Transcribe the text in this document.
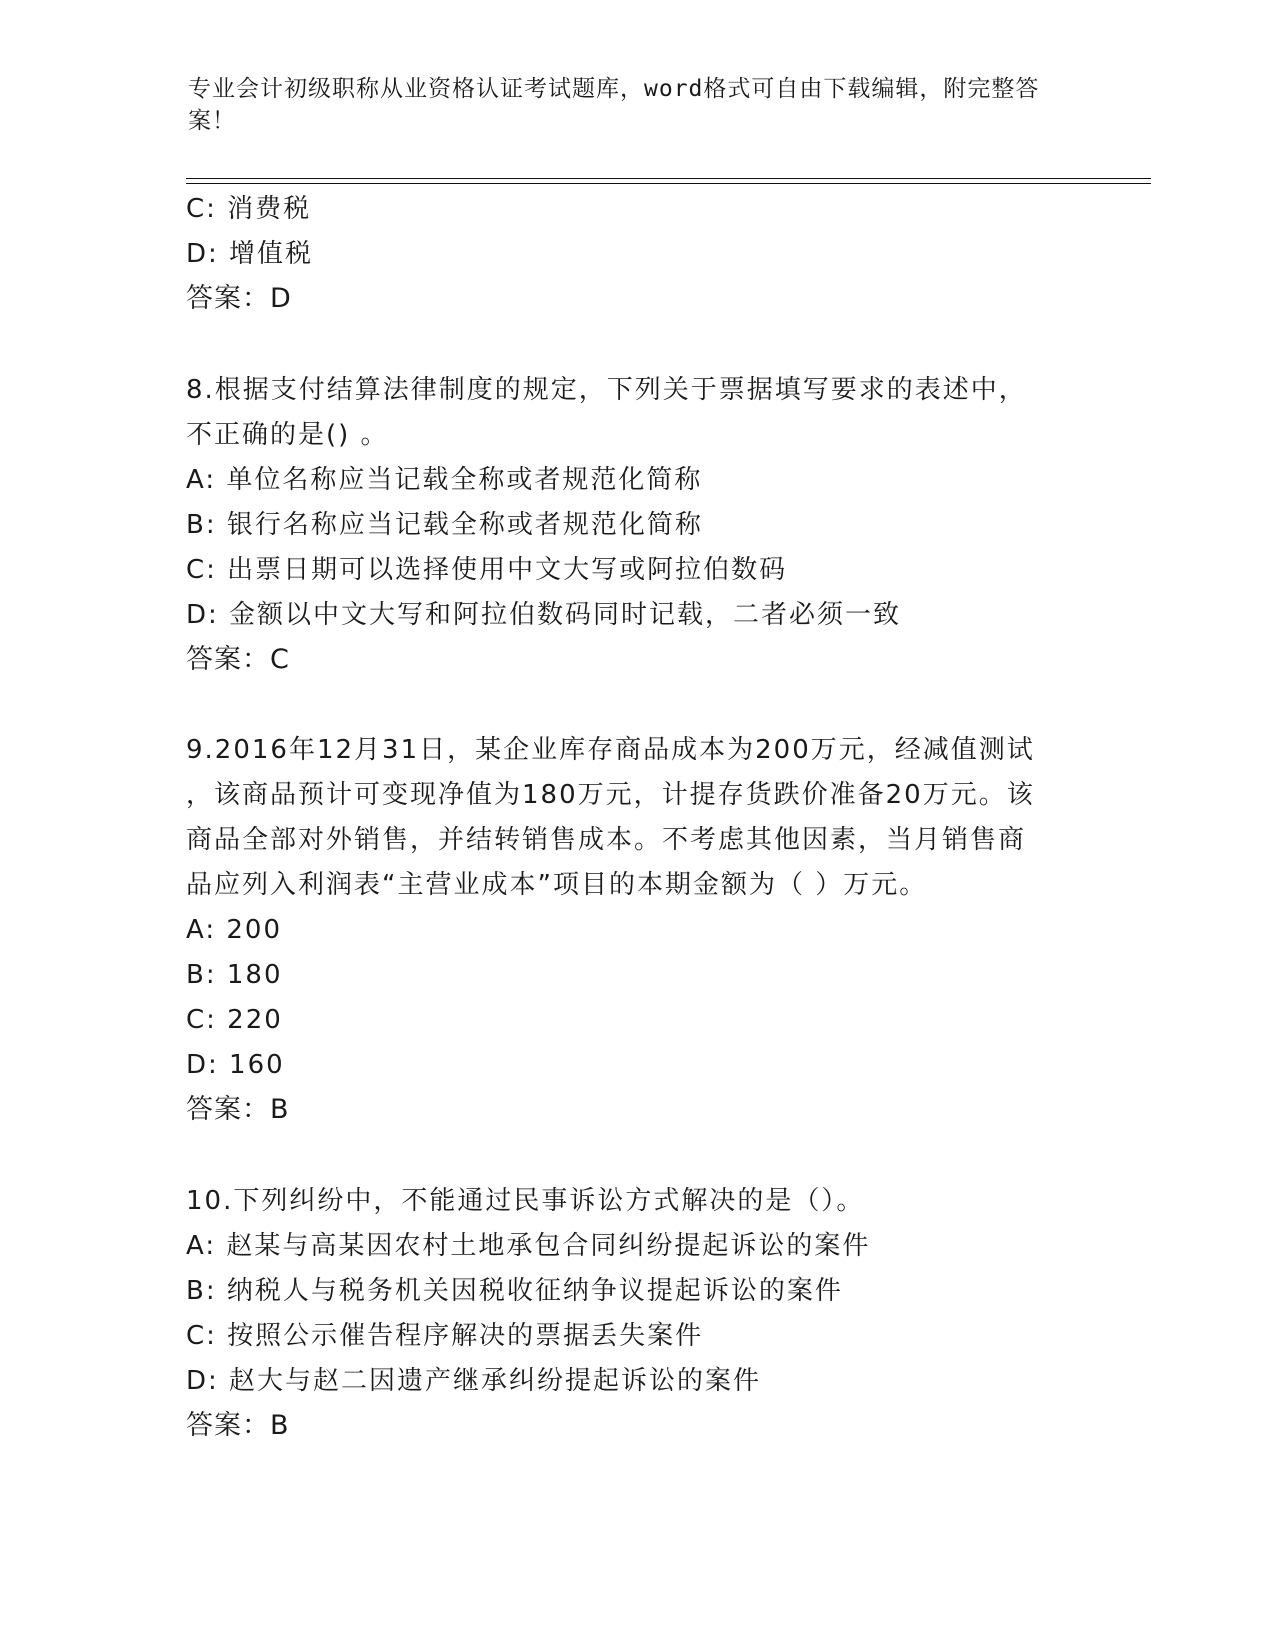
专业会计初级职称从业资格认证考试题库，word格式可自由下载编辑，附完整答
案！
C: 消费税
D: 增值税
答案：D
8.根据支付结算法律制度的规定，下列关于票据填写要求的表述中，
不正确的是() 。
A: 单位名称应当记载全称或者规范化简称
B: 银行名称应当记载全称或者规范化简称
C: 出票日期可以选择使用中文大写或阿拉伯数码
D: 金额以中文大写和阿拉伯数码同时记载，二者必须一致
答案：C
9.2016年12月31日，某企业库存商品成本为200万元，经减值测试
，该商品预计可变现净值为180万元，计提存货跌价准备20万元。该
商品全部对外销售，并结转销售成本。不考虑其他因素，当月销售商
品应列入利润表“主营业成本”项目的本期金额为（ ）万元。
A: 200
B: 180
C: 220
D: 160
答案：B
10.下列纠纷中，不能通过民事诉讼方式解决的是（）。
A: 赵某与高某因农村土地承包合同纠纷提起诉讼的案件
B: 纳税人与税务机关因税收征纳争议提起诉讼的案件
C: 按照公示催告程序解决的票据丢失案件
D: 赵大与赵二因遗产继承纠纷提起诉讼的案件
答案：B
